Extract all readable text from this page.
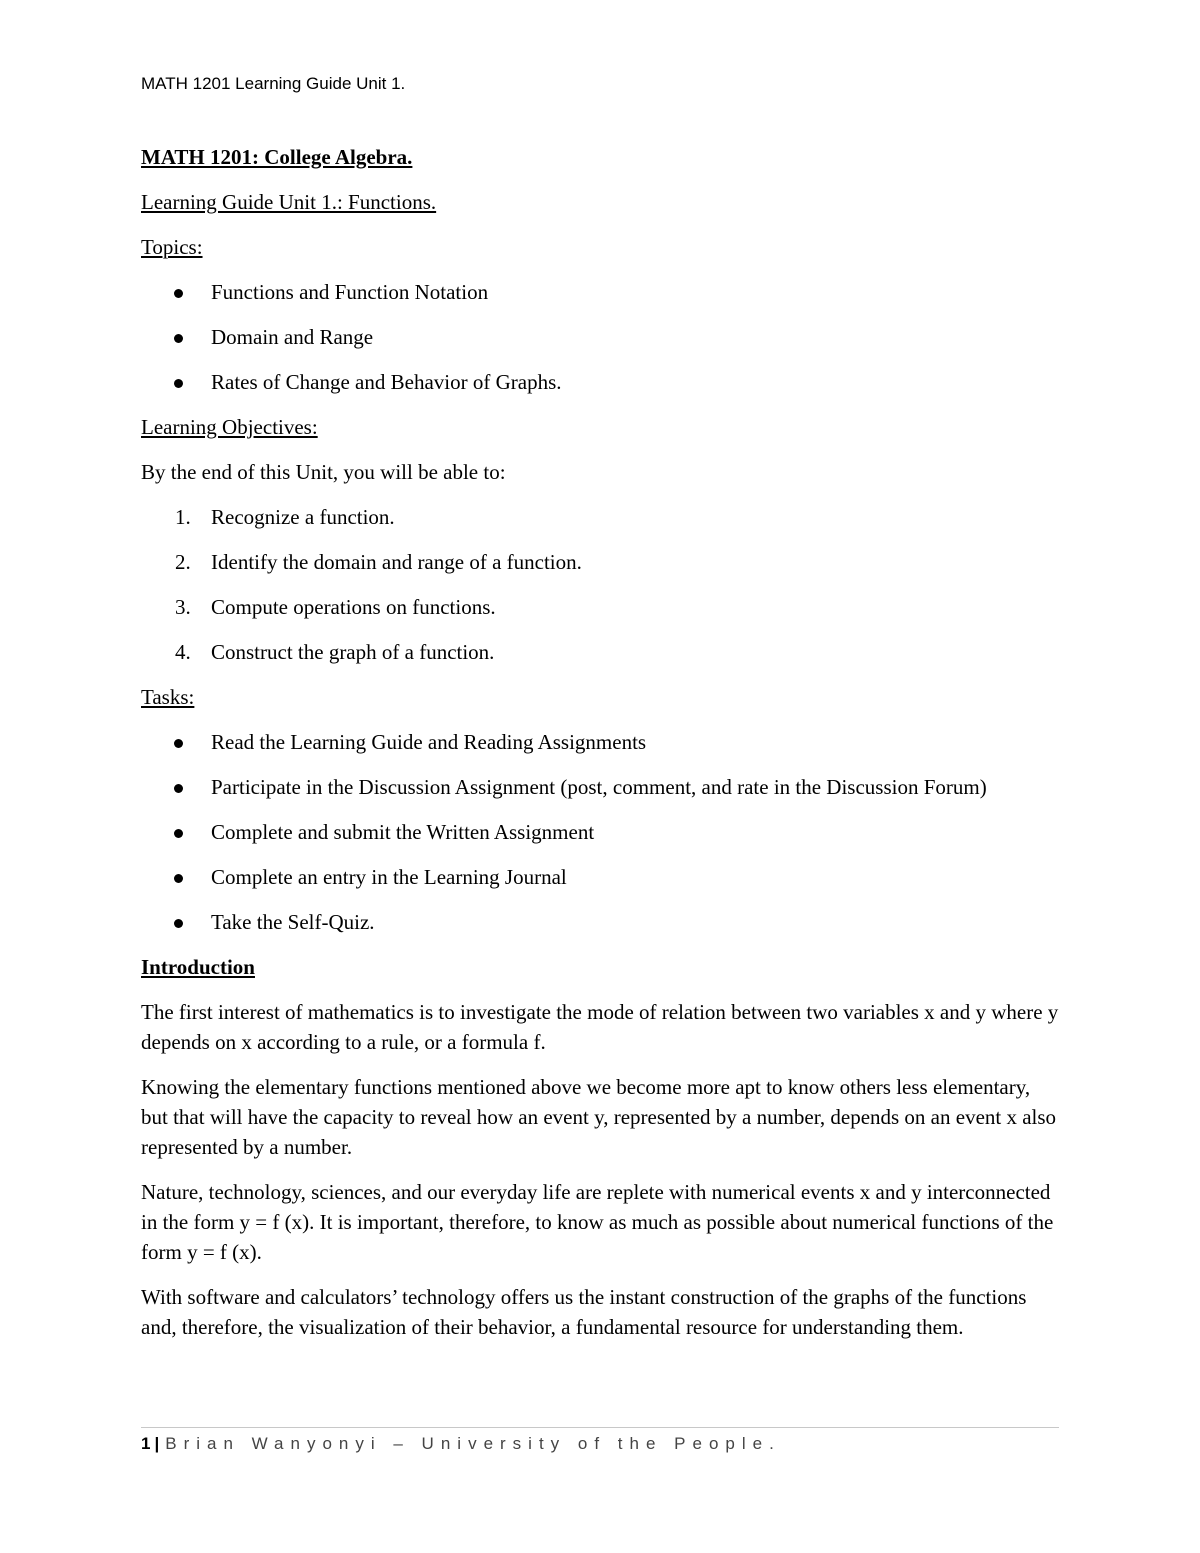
MATH 1201 Learning Guide Unit 1.

MATH 1201: College Algebra.

Learning Guide Unit 1.: Functions.

Topics:

Functions and Function Notation
Domain and Range
Rates of Change and Behavior of Graphs.

Learning Objectives:

By the end of this Unit, you will be able to:

1. Recognize a function.
2. Identify the domain and range of a function.
3. Compute operations on functions.
4. Construct the graph of a function.

Tasks:

Read the Learning Guide and Reading Assignments
Participate in the Discussion Assignment (post, comment, and rate in the Discussion Forum)
Complete and submit the Written Assignment
Complete an entry in the Learning Journal
Take the Self-Quiz.

Introduction

The first interest of mathematics is to investigate the mode of relation between two variables x and y where y depends on x according to a rule, or a formula f.

Knowing the elementary functions mentioned above we become more apt to know others less elementary, but that will have the capacity to reveal how an event y, represented by a number, depends on an event x also represented by a number.

Nature, technology, sciences, and our everyday life are replete with numerical events x and y interconnected in the form y = f (x). It is important, therefore, to know as much as possible about numerical functions of the form y = f (x).

With software and calculators’ technology offers us the instant construction of the graphs of the functions and, therefore, the visualization of their behavior, a fundamental resource for understanding them.

1 | Brian Wanyonyi – University of the People.
